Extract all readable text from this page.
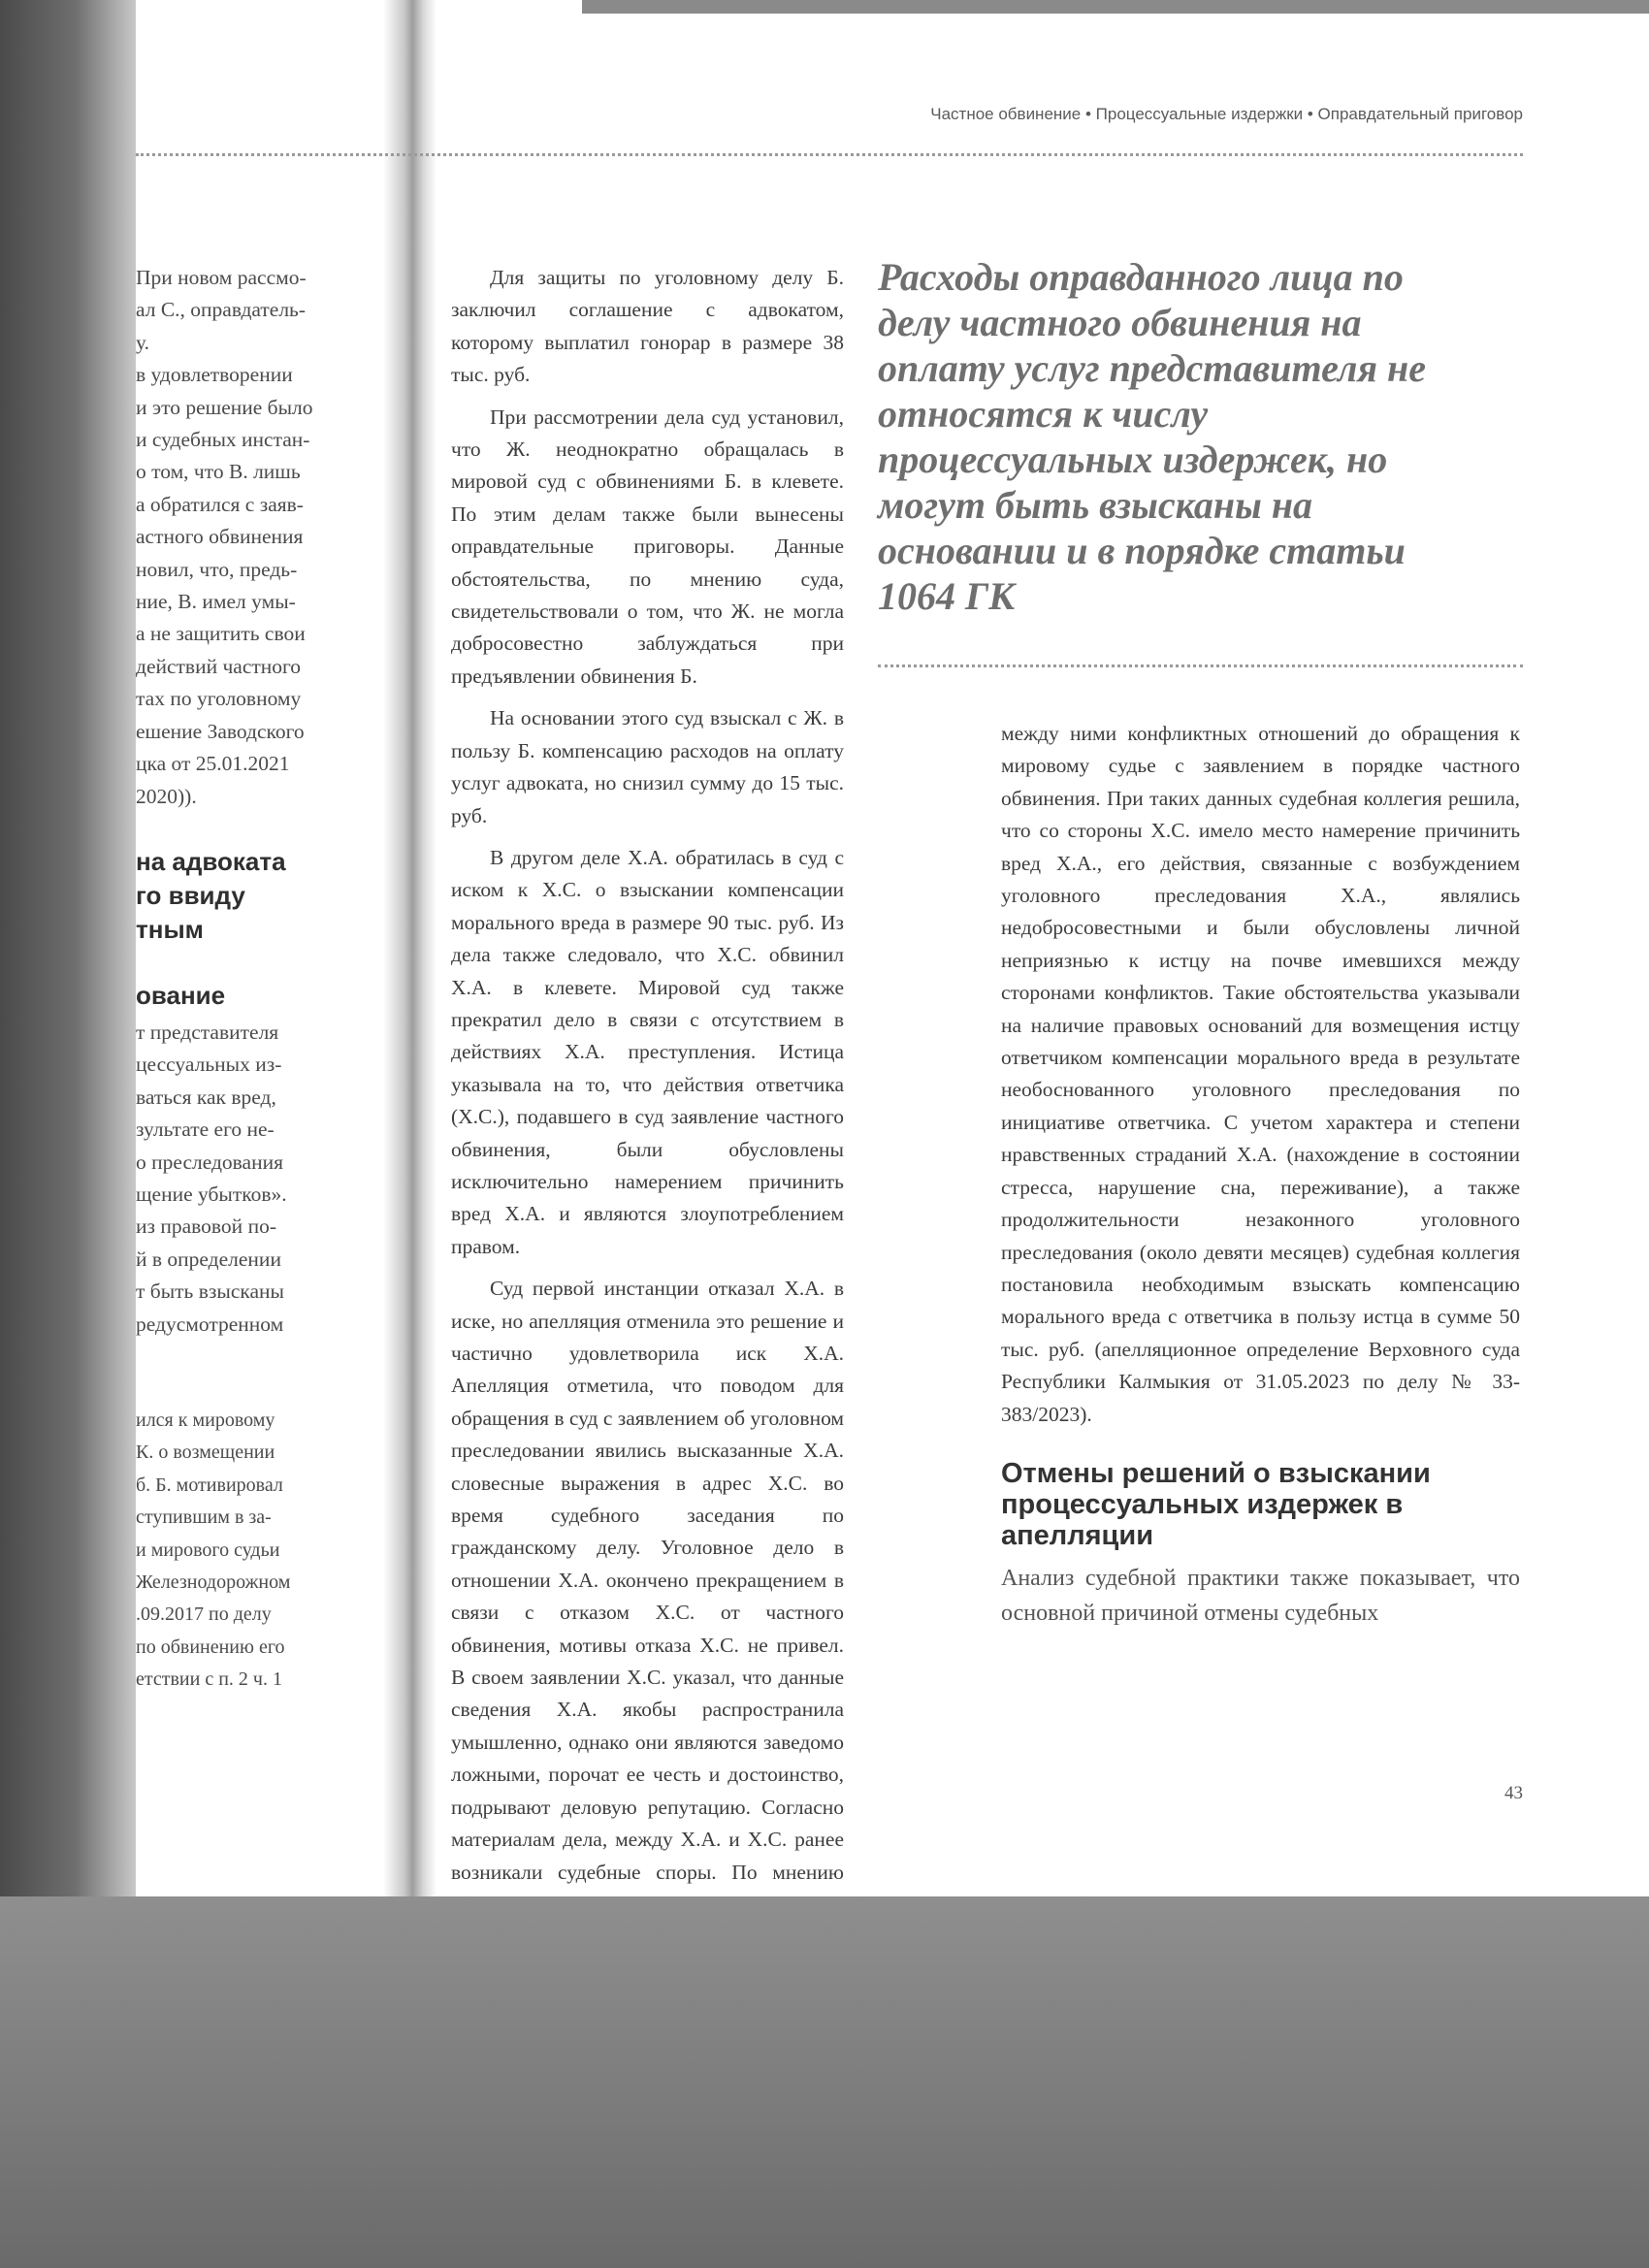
Частное обвинение • Процессуальные издержки • Оправдательный приговор

При новом рассмо-

ал С., оправдатель-

у.

в удовлетворении

и это решение было

и судебных инстан-

о том, что В. лишь

а обратился с заяв-

астного обвинения

новил, что, предь-

ние, В. имел умы-

а не защитить свои

действий частного

тах по уголовному

ешение Заводского

цка от 25.01.2021

2020)).

на адвоката

го ввиду

тным

ование

т представителя

цессуальных из-

ваться как вред,

зультате его не-

о преследования

щение убытков».

из правовой по-

й в определении

т быть взысканы

редусмотренном

ился к мировому

К. о возмещении

б. Б. мотивировал

ступившим в за-

и мирового судьи

Железнодорожном

.09.2017 по делу

по обвинению его

етствии с п. 2 ч. 1

Для защиты по уголовному делу Б. заключил соглашение с адвокатом, которому выплатил гонорар в размере 38 тыс. руб.

При рассмотрении дела суд установил, что Ж. неоднократно обращалась в мировой суд с обвинениями Б. в клевете. По этим делам также были вынесены оправдательные приговоры. Данные обстоятельства, по мнению суда, свидетельствовали о том, что Ж. не могла добросовестно заблуждаться при предъявлении обвинения Б.

На основании этого суд взыскал с Ж. в пользу Б. компенсацию расходов на оплату услуг адвоката, но снизил сумму до 15 тыс. руб.

В другом деле Х.А. обратилась в суд с иском к Х.С. о взыскании компенсации морального вреда в размере 90 тыс. руб. Из дела также следовало, что Х.С. обвинил Х.А. в клевете. Мировой суд также прекратил дело в связи с отсутствием в действиях Х.А. преступления. Истица указывала на то, что действия ответчика (Х.С.), подавшего в суд заявление частного обвинения, были обусловлены исключительно намерением причинить вред Х.А. и являются злоупотреблением правом.

Суд первой инстанции отказал Х.А. в иске, но апелляция отменила это решение и частично удовлетворила иск Х.А. Апелляция отметила, что поводом для обращения в суд с заявлением об уголовном преследовании явились высказанные Х.А. словесные выражения в адрес Х.С. во время судебного заседания по гражданскому делу. Уголовное дело в отношении Х.А. окончено прекращением в связи с отказом Х.С. от частного обвинения, мотивы отказа Х.С. не привел. В своем заявлении Х.С. указал, что данные сведения Х.А. якобы распространила умышленно, однако они являются заведомо ложными, порочат ее честь и достоинство, подрывают деловую репутацию. Согласно материалам дела, между Х.А. и Х.С. ранее возникали судебные споры. По мнению

Расходы оправданного лица по делу частного обвинения на оплату услуг представителя не относятся к числу процессуальных издержек, но могут быть взысканы на основании и в порядке статьи 1064 ГК

между ними конфликтных отношений до обращения к мировому судье с заявлением в порядке частного обвинения. При таких данных судебная коллегия решила, что со стороны Х.С. имело место намерение причинить вред Х.А., его действия, связанные с возбуждением уголовного преследования Х.А., являлись недобросовестными и были обусловлены личной неприязнью к истцу на почве имевшихся между сторонами конфликтов. Такие обстоятельства указывали на наличие правовых оснований для возмещения истцу ответчиком компенсации морального вреда в результате необоснованного уголовного преследования по инициативе ответчика. С учетом характера и степени нравственных страданий Х.А. (нахождение в состоянии стресса, нарушение сна, переживание), а также продолжительности незаконного уголовного преследования (около девяти месяцев) судебная коллегия постановила необходимым взыскать компенсацию морального вреда с ответчика в пользу истца в сумме 50 тыс. руб. (апелляционное определение Верховного суда Республики Калмыкия от 31.05.2023 по делу № 33-383/2023).

Отмены решений о взыскании процессуальных издержек в апелляции

Анализ судебной практики также показывает, что основной причиной отмены судебных

43
